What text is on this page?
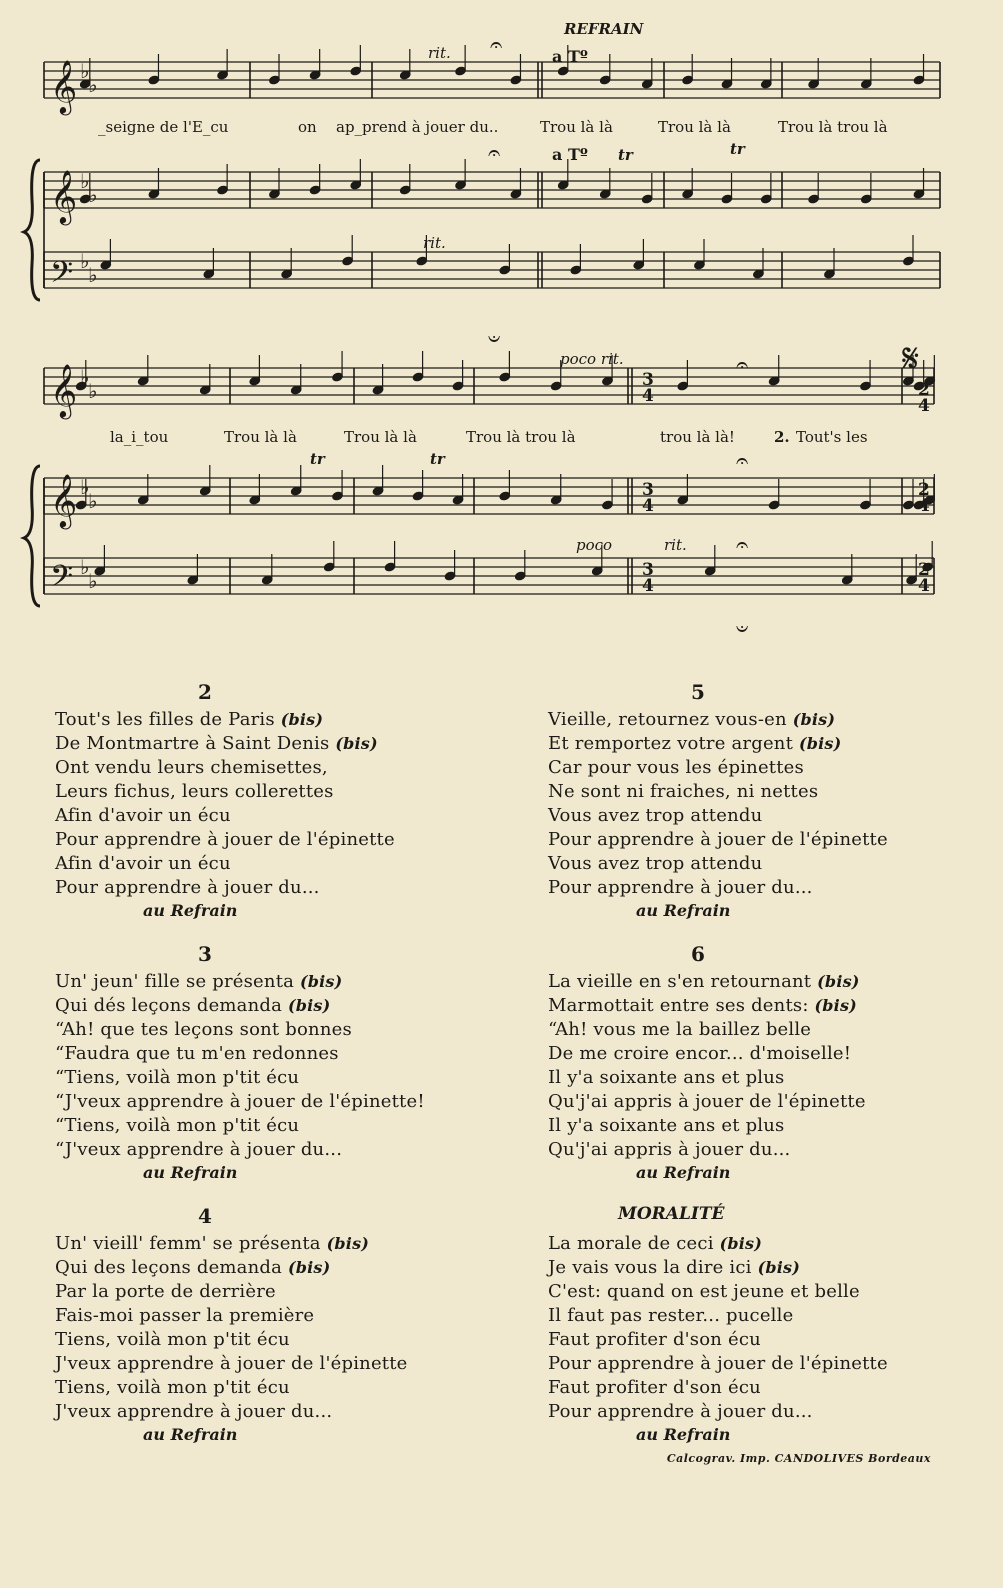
𝄞
𝄞
𝄢
𝄞
𝄞
𝄢
♭
♭
♭
♭
♭
♭
♭
♭
♭
♭
♭
♭
REFRAIN
rit.	a Tº
a Tº tr	tr
rit.
𝄐
𝄐
𝄑
𝄐
𝄐
𝄐
𝄑
_seigne de l'E_cu	on ap_prend à jouer du..	Trou là là	Trou là là	Trou là trou là
poco rit.
poco	rit.
𝄋
tr	tr
3
4
3
4
3
4
2
4
2
4
2
4
la_i_tou	Trou là là	Trou là là	Trou là trou là	trou là là!	2. Tout's les
2
Tout's les filles de Paris (bis)
De Montmartre à Saint Denis (bis)
Ont vendu leurs chemisettes,
Leurs fichus, leurs collerettes
Afin d'avoir un écu
Pour apprendre à jouer de l'épinette
Afin d'avoir un écu
Pour apprendre à jouer du...
au Refrain
3
Un' jeun' fille se présenta (bis)
Qui dés leçons demanda (bis)
“Ah! que tes leçons sont bonnes
“Faudra que tu m'en redonnes
“Tiens, voilà mon p'tit écu
“J'veux apprendre à jouer de l'épinette!
“Tiens, voilà mon p'tit écu
“J'veux apprendre à jouer du...
au Refrain
4
Un' vieill' femm' se présenta (bis)
Qui des leçons demanda (bis)
Par la porte de derrière
Fais-moi passer la première
Tiens, voilà mon p'tit écu
J'veux apprendre à jouer de l'épinette
Tiens, voilà mon p'tit écu
J'veux apprendre à jouer du...
au Refrain
5
Vieille, retournez vous-en (bis)
Et remportez votre argent (bis)
Car pour vous les épinettes
Ne sont ni fraiches, ni nettes
Vous avez trop attendu
Pour apprendre à jouer de l'épinette
Vous avez trop attendu
Pour apprendre à jouer du...
au Refrain
6
La vieille en s'en retournant (bis)
Marmottait entre ses dents: (bis)
“Ah! vous me la baillez belle
De me croire encor... d'moiselle!
Il y'a soixante ans et plus
Qu'j'ai appris à jouer de l'épinette
Il y'a soixante ans et plus
Qu'j'ai appris à jouer du...
au Refrain
MORALITÉ
La morale de ceci (bis)
Je vais vous la dire ici (bis)
C'est: quand on est jeune et belle
Il faut pas rester... pucelle
Faut profiter d'son écu
Pour apprendre à jouer de l'épinette
Faut profiter d'son écu
Pour apprendre à jouer du...
au Refrain
Calcograv. Imp. CANDOLIVES Bordeaux
